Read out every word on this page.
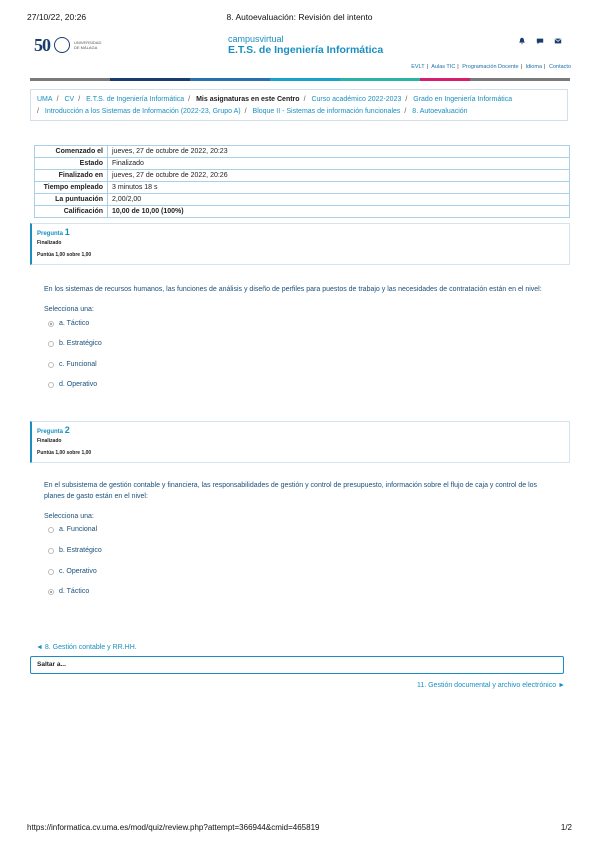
27/10/22, 20:26	8. Autoevaluación: Revisión del intento
50	UNIVERSIDAD DE MÁLAGA
campusvirtual
E.T.S. de Ingeniería Informática
EVLT | Aulas TIC | Programación Docente | Idioma | Contacto
UMA / CV / E.T.S. de Ingeniería Informática / Mis asignaturas en este Centro / Curso académico 2022-2023 / Grado en Ingeniería Informática
/ Introducción a los Sistemas de Información (2022-23, Grupo A) / Bloque II - Sistemas de información funcionales / 8. Autoevaluación
Comenzado el	jueves, 27 de octubre de 2022, 20:23
Estado	Finalizado
Finalizado en	jueves, 27 de octubre de 2022, 20:26
Tiempo empleado	3 minutos 18 s
La puntuación	2,00/2,00
Calificación	10,00 de 10,00 (100%)
Pregunta 1
Finalizado
Puntúa 1,00 sobre 1,00
En los sistemas de recursos humanos, las funciones de análisis y diseño de perfiles para puestos de trabajo y las necesidades de contratación están en el nivel:
Selecciona una:
a. Táctico
b. Estratégico
c. Funcional
d. Operativo
Pregunta 2
Finalizado
Puntúa 1,00 sobre 1,00
En el subsistema de gestión contable y financiera, las responsabilidades de gestión y control de presupuesto, información sobre el flujo de caja y control de los planes de gasto están en el nivel:
Selecciona una:
a. Funcional
b. Estratégico
c. Operativo
d. Táctico
◄ 8. Gestión contable y RR.HH.
Saltar a...
11. Gestión documental y archivo electrónico ►
https://informatica.cv.uma.es/mod/quiz/review.php?attempt=366944&cmid=465819	1/2
